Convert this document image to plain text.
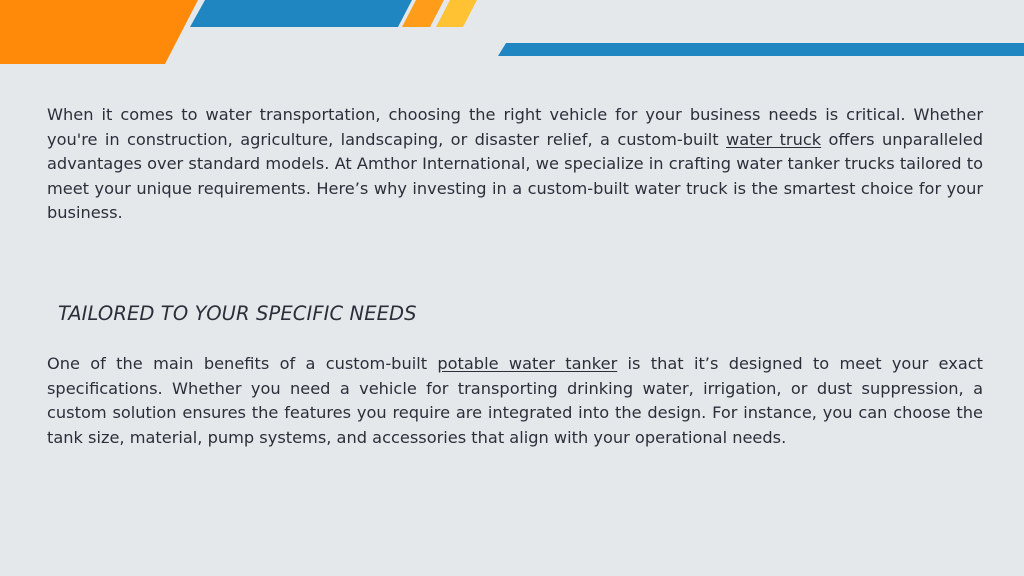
When it comes to water transportation, choosing the right vehicle for your business needs is critical. Whether you're in construction, agriculture, landscaping, or disaster relief, a custom-built water truck offers unparalleled advantages over standard models. At Amthor International, we specialize in crafting water tanker trucks tailored to meet your unique requirements. Here’s why investing in a custom-built water truck is the smartest choice for your business.

TAILORED TO YOUR SPECIFIC NEEDS

One of the main benefits of a custom-built potable water tanker is that it’s designed to meet your exact specifications. Whether you need a vehicle for transporting drinking water, irrigation, or dust suppression, a custom solution ensures the features you require are integrated into the design. For instance, you can choose the tank size, material, pump systems, and accessories that align with your operational needs.
